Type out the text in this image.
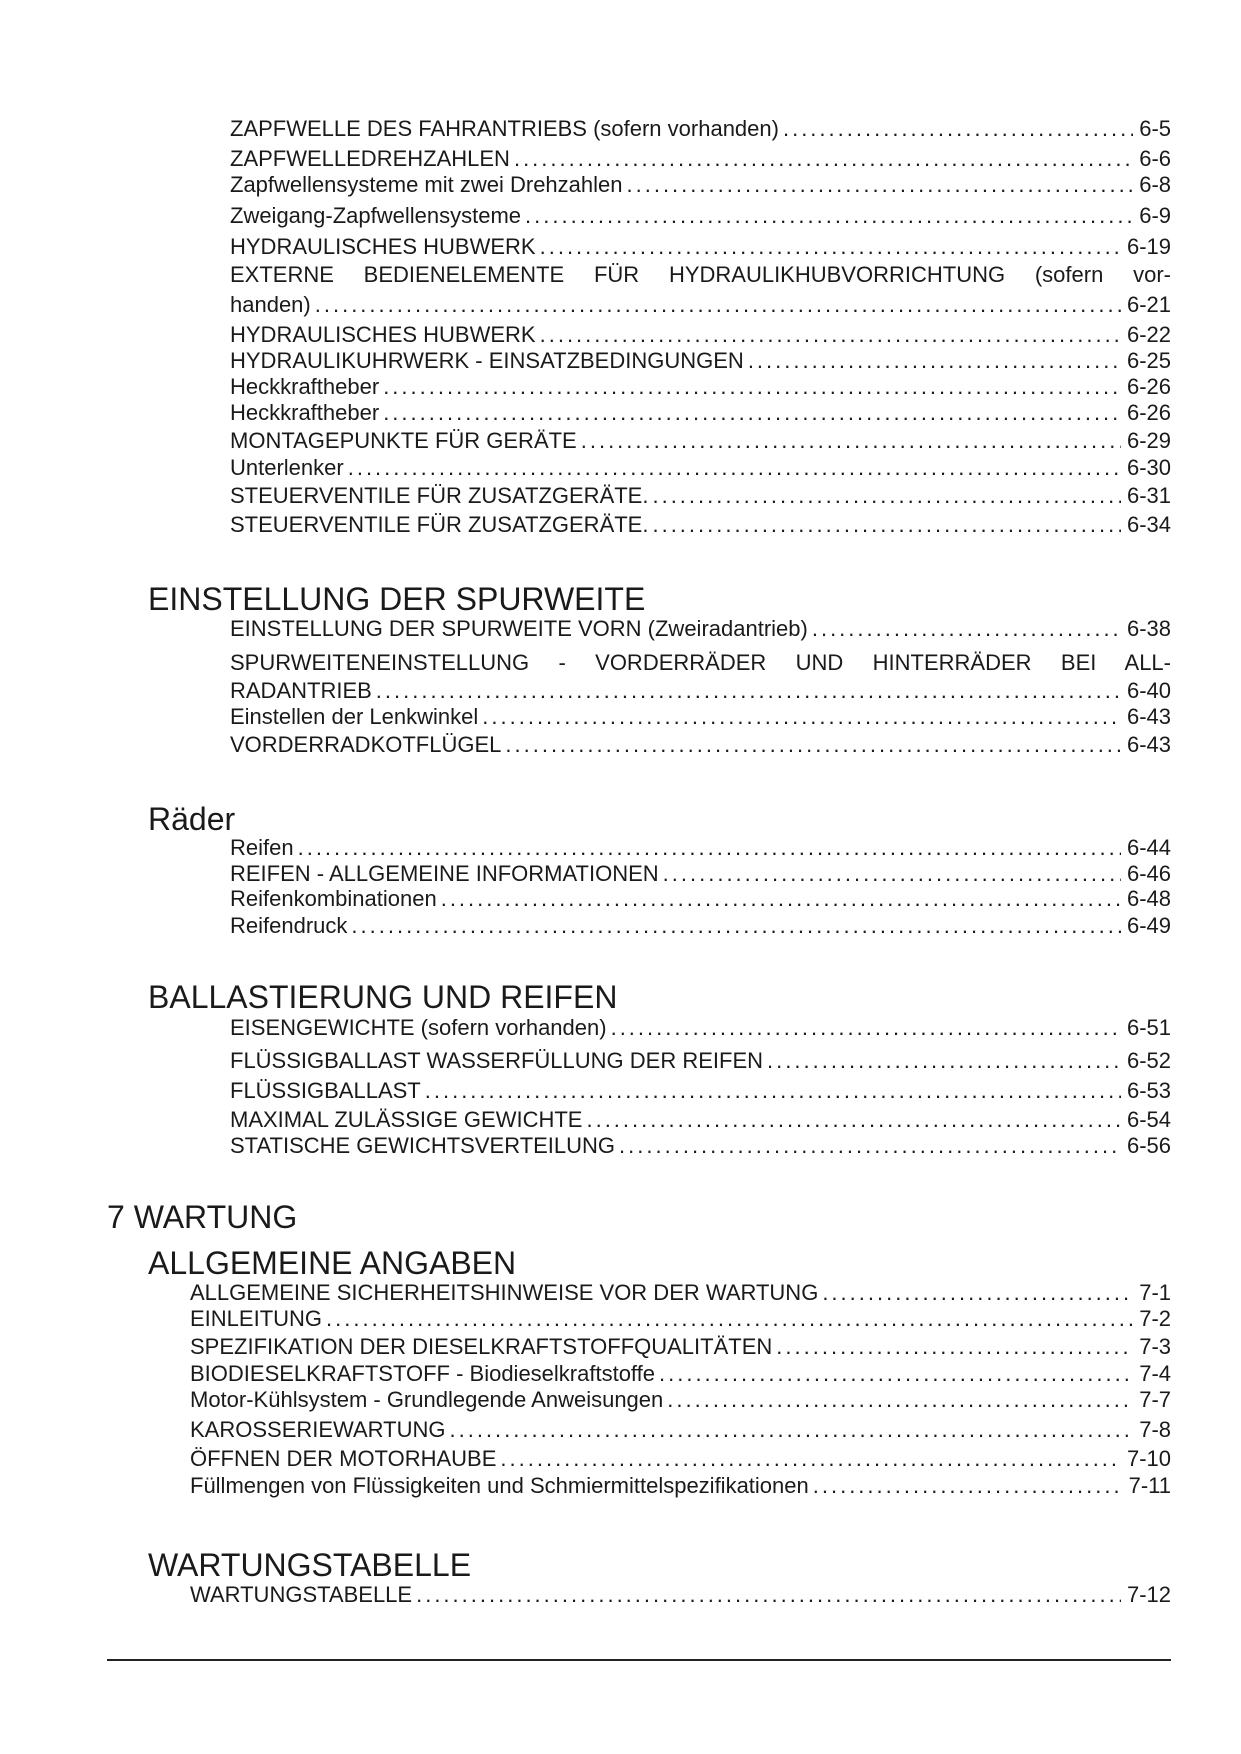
ZAPFWELLE DES FAHRANTRIEBS (sofern vorhanden) .....	6-5
ZAPFWELLEDREHZAHLEN .....	6-6
Zapfwellensysteme mit zwei Drehzahlen .....	6-8
Zweigang-Zapfwellensysteme .....	6-9
HYDRAULISCHES HUBWERK .....	6-19
EXTERNE BEDIENELEMENTE FÜR HYDRAULIKHUBVORRICHTUNG (sofern vor-
handen) .....	6-21
HYDRAULISCHES HUBWERK .....	6-22
HYDRAULIKUHRWERK - EINSATZBEDINGUNGEN .....	6-25
Heckkraftheber .....	6-26
Heckkraftheber .....	6-26
MONTAGEPUNKTE FÜR GERÄTE .....	6-29
Unterlenker .....	6-30
STEUERVENTILE FÜR ZUSATZGERÄTE. .....	6-31
STEUERVENTILE FÜR ZUSATZGERÄTE. .....	6-34
EINSTELLUNG DER SPURWEITE
EINSTELLUNG DER SPURWEITE VORN (Zweiradantrieb) .....	6-38
SPURWEITENEINSTELLUNG - VORDERRÄDER UND HINTERRÄDER BEI ALL-
RADANTRIEB .....	6-40
Einstellen der Lenkwinkel .....	6-43
VORDERRADKOTFLÜGEL .....	6-43
Räder
Reifen .....	6-44
REIFEN - ALLGEMEINE INFORMATIONEN .....	6-46
Reifenkombinationen .....	6-48
Reifendruck .....	6-49
BALLASTIERUNG UND REIFEN
EISENGEWICHTE (sofern vorhanden) .....	6-51
FLÜSSIGBALLAST WASSERFÜLLUNG DER REIFEN .....	6-52
FLÜSSIGBALLAST .....	6-53
MAXIMAL ZULÄSSIGE GEWICHTE .....	6-54
STATISCHE GEWICHTSVERTEILUNG .....	6-56
7 WARTUNG
ALLGEMEINE ANGABEN
ALLGEMEINE SICHERHEITSHINWEISE VOR DER WARTUNG .....	7-1
EINLEITUNG .....	7-2
SPEZIFIKATION DER DIESELKRAFTSTOFFQUALITÄTEN .....	7-3
BIODIESELKRAFTSTOFF - Biodieselkraftstoffe .....	7-4
Motor-Kühlsystem - Grundlegende Anweisungen .....	7-7
KAROSSERIEWARTUNG .....	7-8
ÖFFNEN DER MOTORHAUBE .....	7-10
Füllmengen von Flüssigkeiten und Schmiermittelspezifikationen .....	7-11
WARTUNGSTABELLE
WARTUNGSTABELLE .....	7-12
